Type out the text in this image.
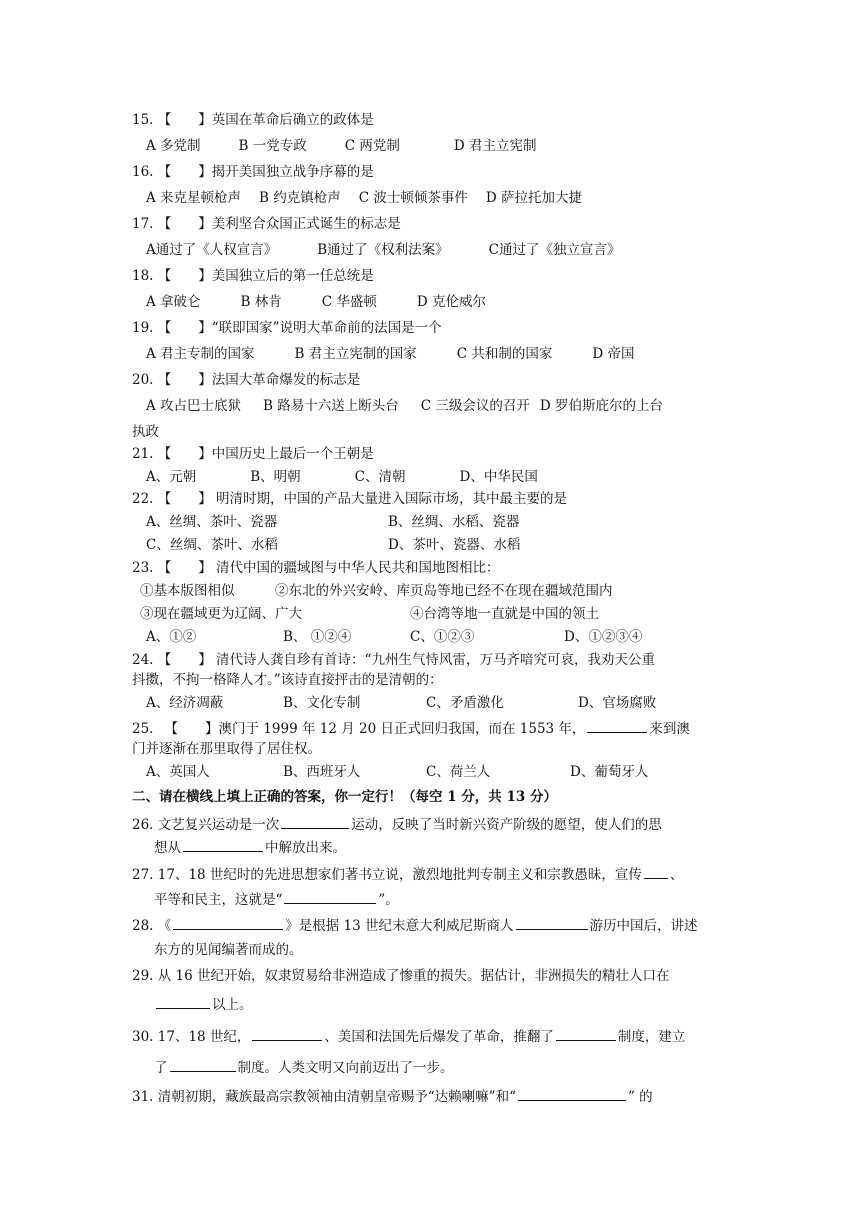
15. 【　　】英国在革命后确立的政体是
A 多党制	B 一党专政	C 两党制	D 君主立宪制
16. 【　　】揭开美国独立战争序幕的是
A 来克星顿枪声 B 约克镇枪声 C 波士顿倾茶事件 D 萨拉托加大捷
17. 【　　】美利坚合众国正式诞生的标志是
A通过了《人权宣言》	B通过了《权利法案》	C通过了《独立宣言》
18. 【　　】美国独立后的第一任总统是
A 拿破仑	B 林肯	C 华盛顿	D 克伦威尔
19. 【　　】“联即国家”说明大革命前的法国是一个
A 君主专制的国家	B 君主立宪制的国家	C 共和制的国家	D 帝国
20. 【　　】法国大革命爆发的标志是
A 攻占巴士底狱 B 路易十六送上断头台 C 三级会议的召开 D 罗伯斯庇尔的上台
执政
21. 【　　】中国历史上最后一个王朝是
A、元朝	B、明朝	C、清朝	D、中华民国
22. 【　　】 明清时期，中国的产品大量进入国际市场，其中最主要的是
A、丝绸、茶叶、瓷器	B、丝绸、水稻、瓷器
C、丝绸、茶叶、水稻	D、茶叶、瓷器、水稻
23. 【　　】 清代中国的疆域图与中华人民共和国地图相比：
①基本版图相似	②东北的外兴安岭、库页岛等地已经不在现在疆域范围内
③现在疆域更为辽阔、广大	④台湾等地一直就是中国的领土
A、①②	B、 ①②④	C、①②③	D、①②③④
24. 【　　】 清代诗人龚自珍有首诗：“九州生气恃风雷，万马齐喑究可哀，我劝天公重
抖擞，不拘一格降人才。”该诗直接抨击的是清朝的：
A、经济凋蔽	B、文化专制	C、矛盾激化	D、官场腐败
25. 　【　　】澳门于 1999 年 12 月 20 日正式回归我国，而在 1553 年，	来到澳
门并逐渐在那里取得了居住权。
A、英国人	B、西班牙人	C、荷兰人	D、葡萄牙人
二、请在横线上填上正确的答案，你一定行！（每空 1 分，共 13 分）
26. 文艺复兴运动是一次	运动，反映了当时新兴资产阶级的愿望，使人们的思
想从	中解放出来。
27. 17、18 世纪时的先进思想家们著书立说，激烈地批判专制主义和宗教愚昧，宣传 、
平等和民主，这就是“	”。
28. 《	》是根据 13 世纪末意大利威尼斯商人	游历中国后，讲述
东方的见闻编著而成的。
29. 从 16 世纪开始，奴隶贸易给非洲造成了惨重的损失。据估计，非洲损失的精壮人口在
以上。
30. 17、18 世纪，	、美国和法国先后爆发了革命，推翻了	制度，建立
了	制度。人类文明又向前迈出了一步。
31. 清朝初期，藏族最高宗教领袖由清朝皇帝赐予“达赖喇嘛”和“	” 的
